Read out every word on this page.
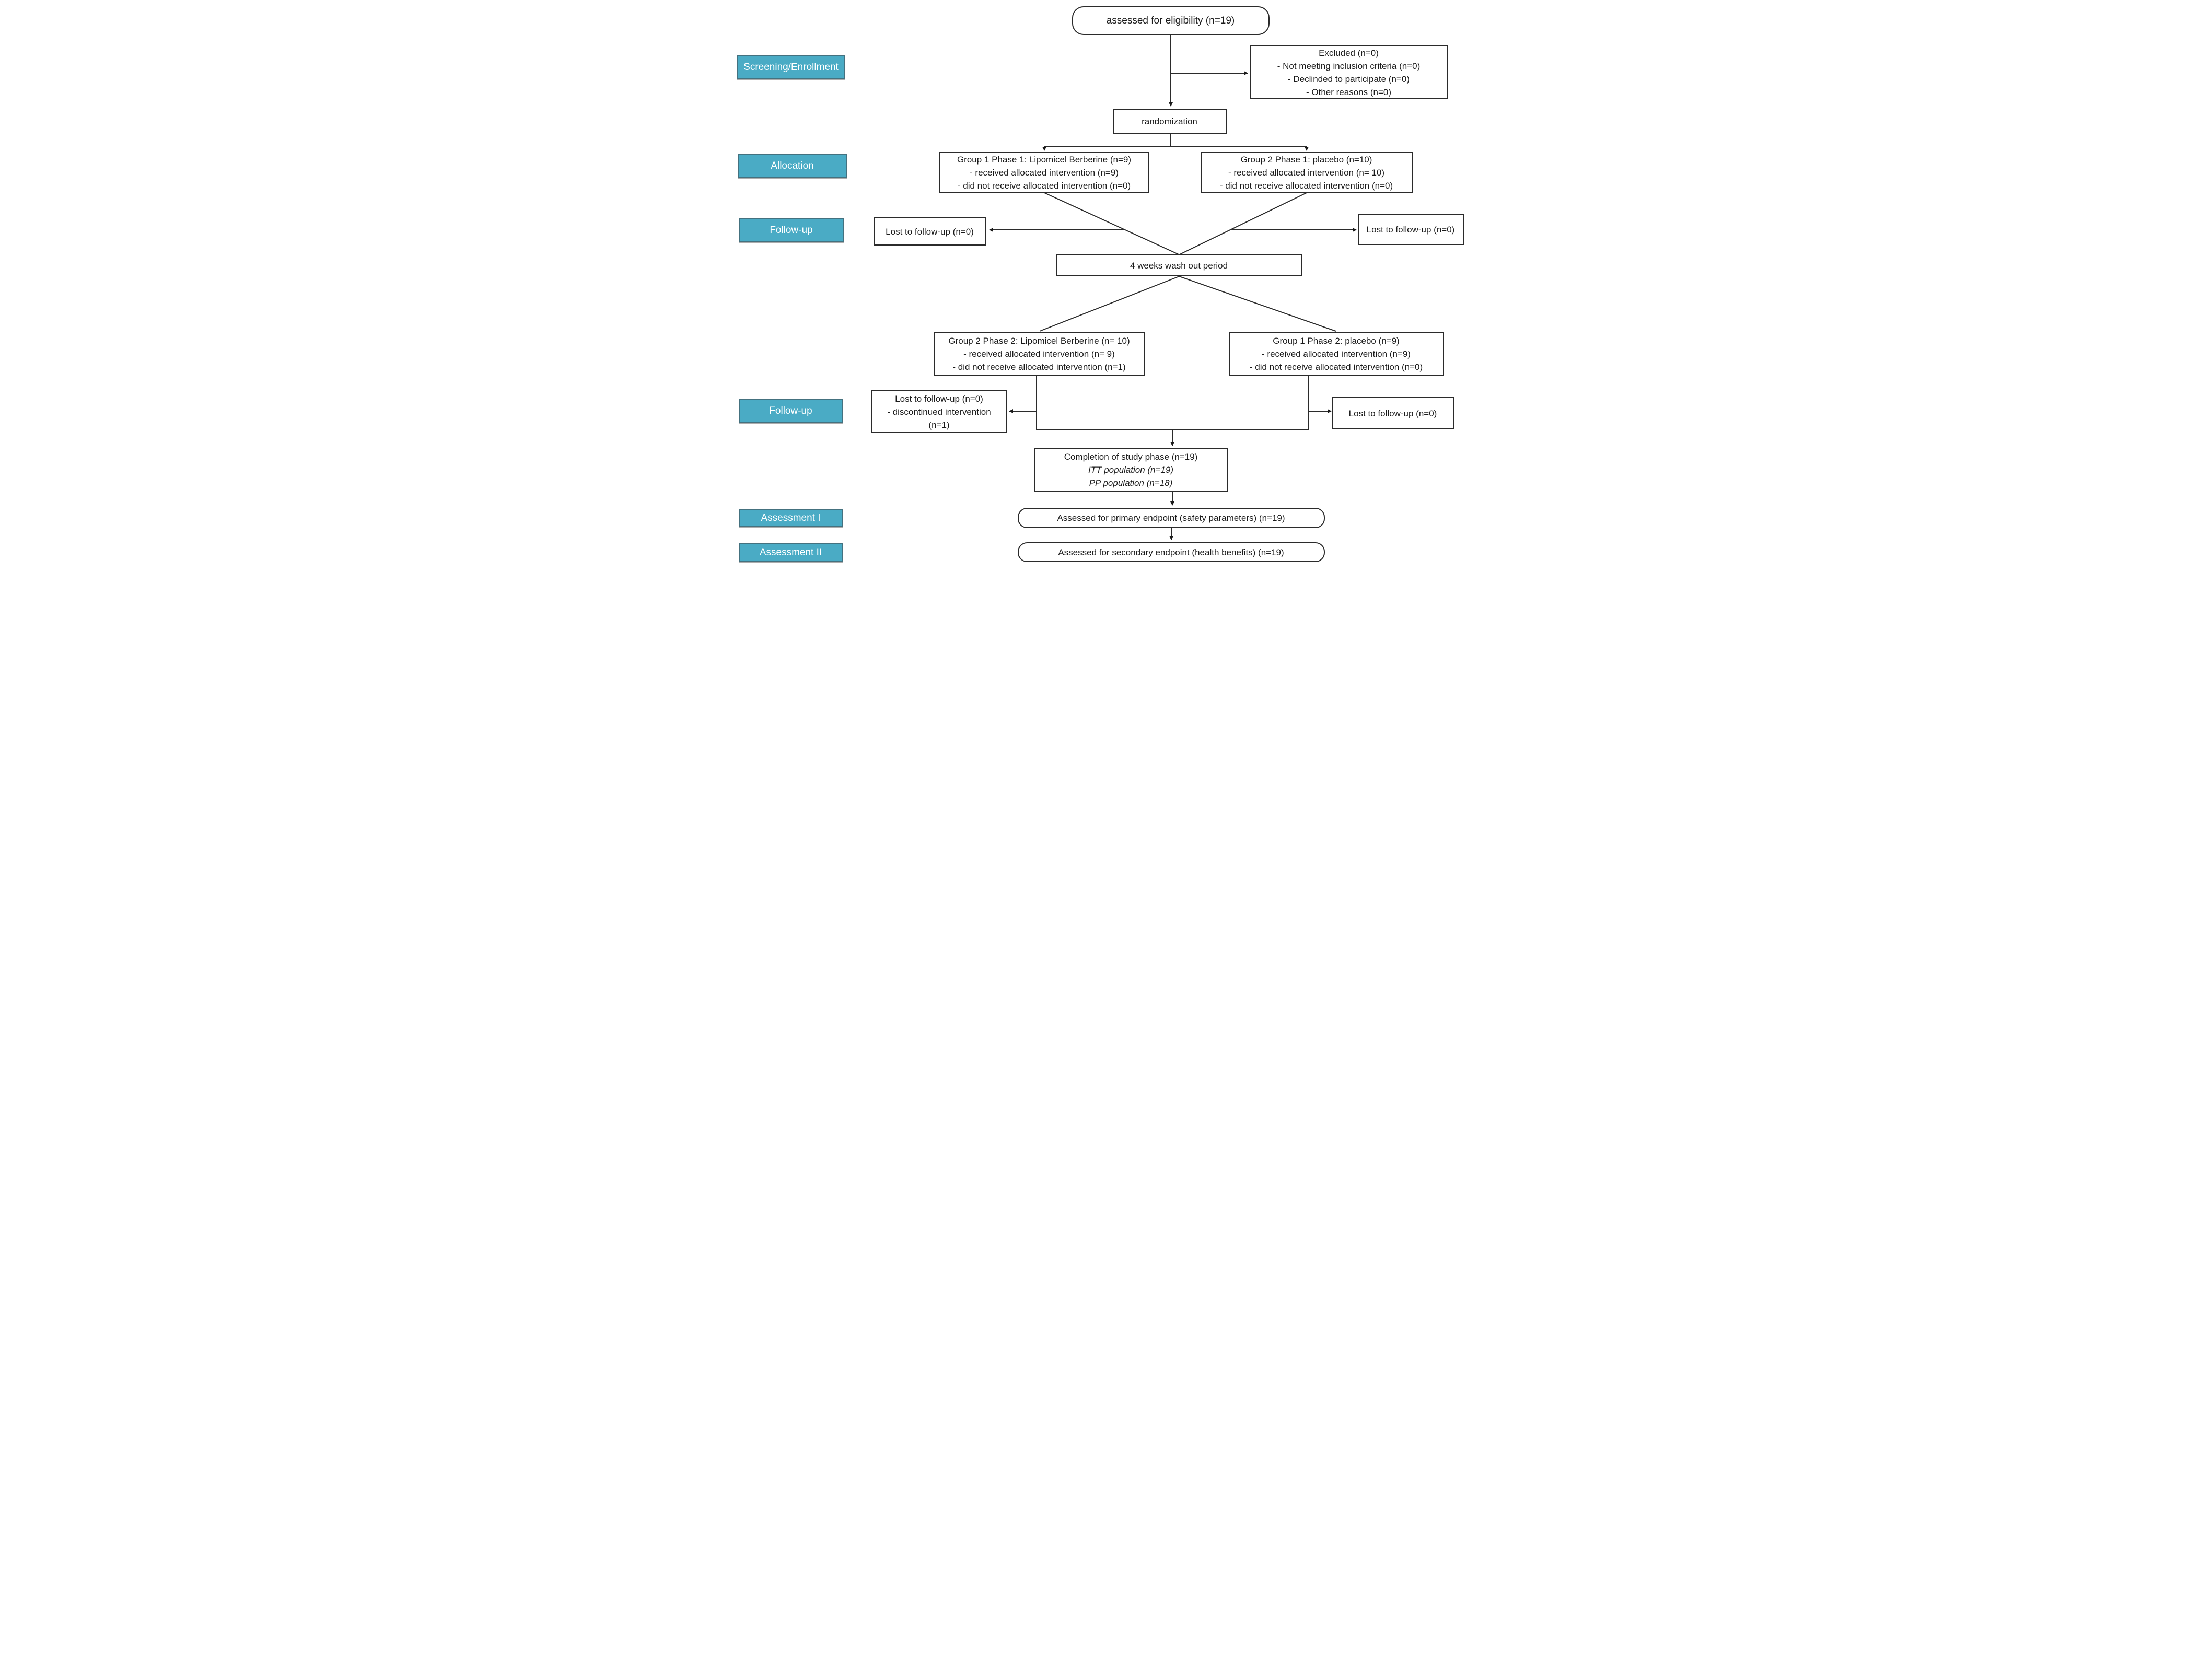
Screening/Enrollment
Allocation
Follow-up
Follow-up
Assessment I
Assessment II
assessed for eligibility (n=19)
Excluded (n=0)
- Not meeting inclusion criteria (n=0)
- Declinded to participate (n=0)
- Other reasons (n=0)
randomization
Group 1 Phase 1: Lipomicel Berberine (n=9)
- received allocated intervention (n=9)
- did not receive allocated intervention (n=0)
Group 2 Phase 1: placebo (n=10)
- received allocated intervention (n= 10)
- did not receive allocated intervention (n=0)
Lost to follow-up (n=0)	Lost to follow-up (n=0)
4 weeks wash out period
Group 2 Phase 2: Lipomicel Berberine (n= 10)
- received allocated intervention (n= 9)
- did not receive allocated intervention (n=1)
Group 1 Phase 2: placebo (n=9)
- received allocated intervention (n=9)
- did not receive allocated intervention (n=0)
Lost to follow-up (n=0)
- discontinued intervention
(n=1)
Lost to follow-up (n=0)
Completion of study phase (n=19)
ITT population (n=19)
PP population (n=18)
Assessed for primary endpoint (safety parameters) (n=19)
Assessed for secondary endpoint (health benefits) (n=19)
